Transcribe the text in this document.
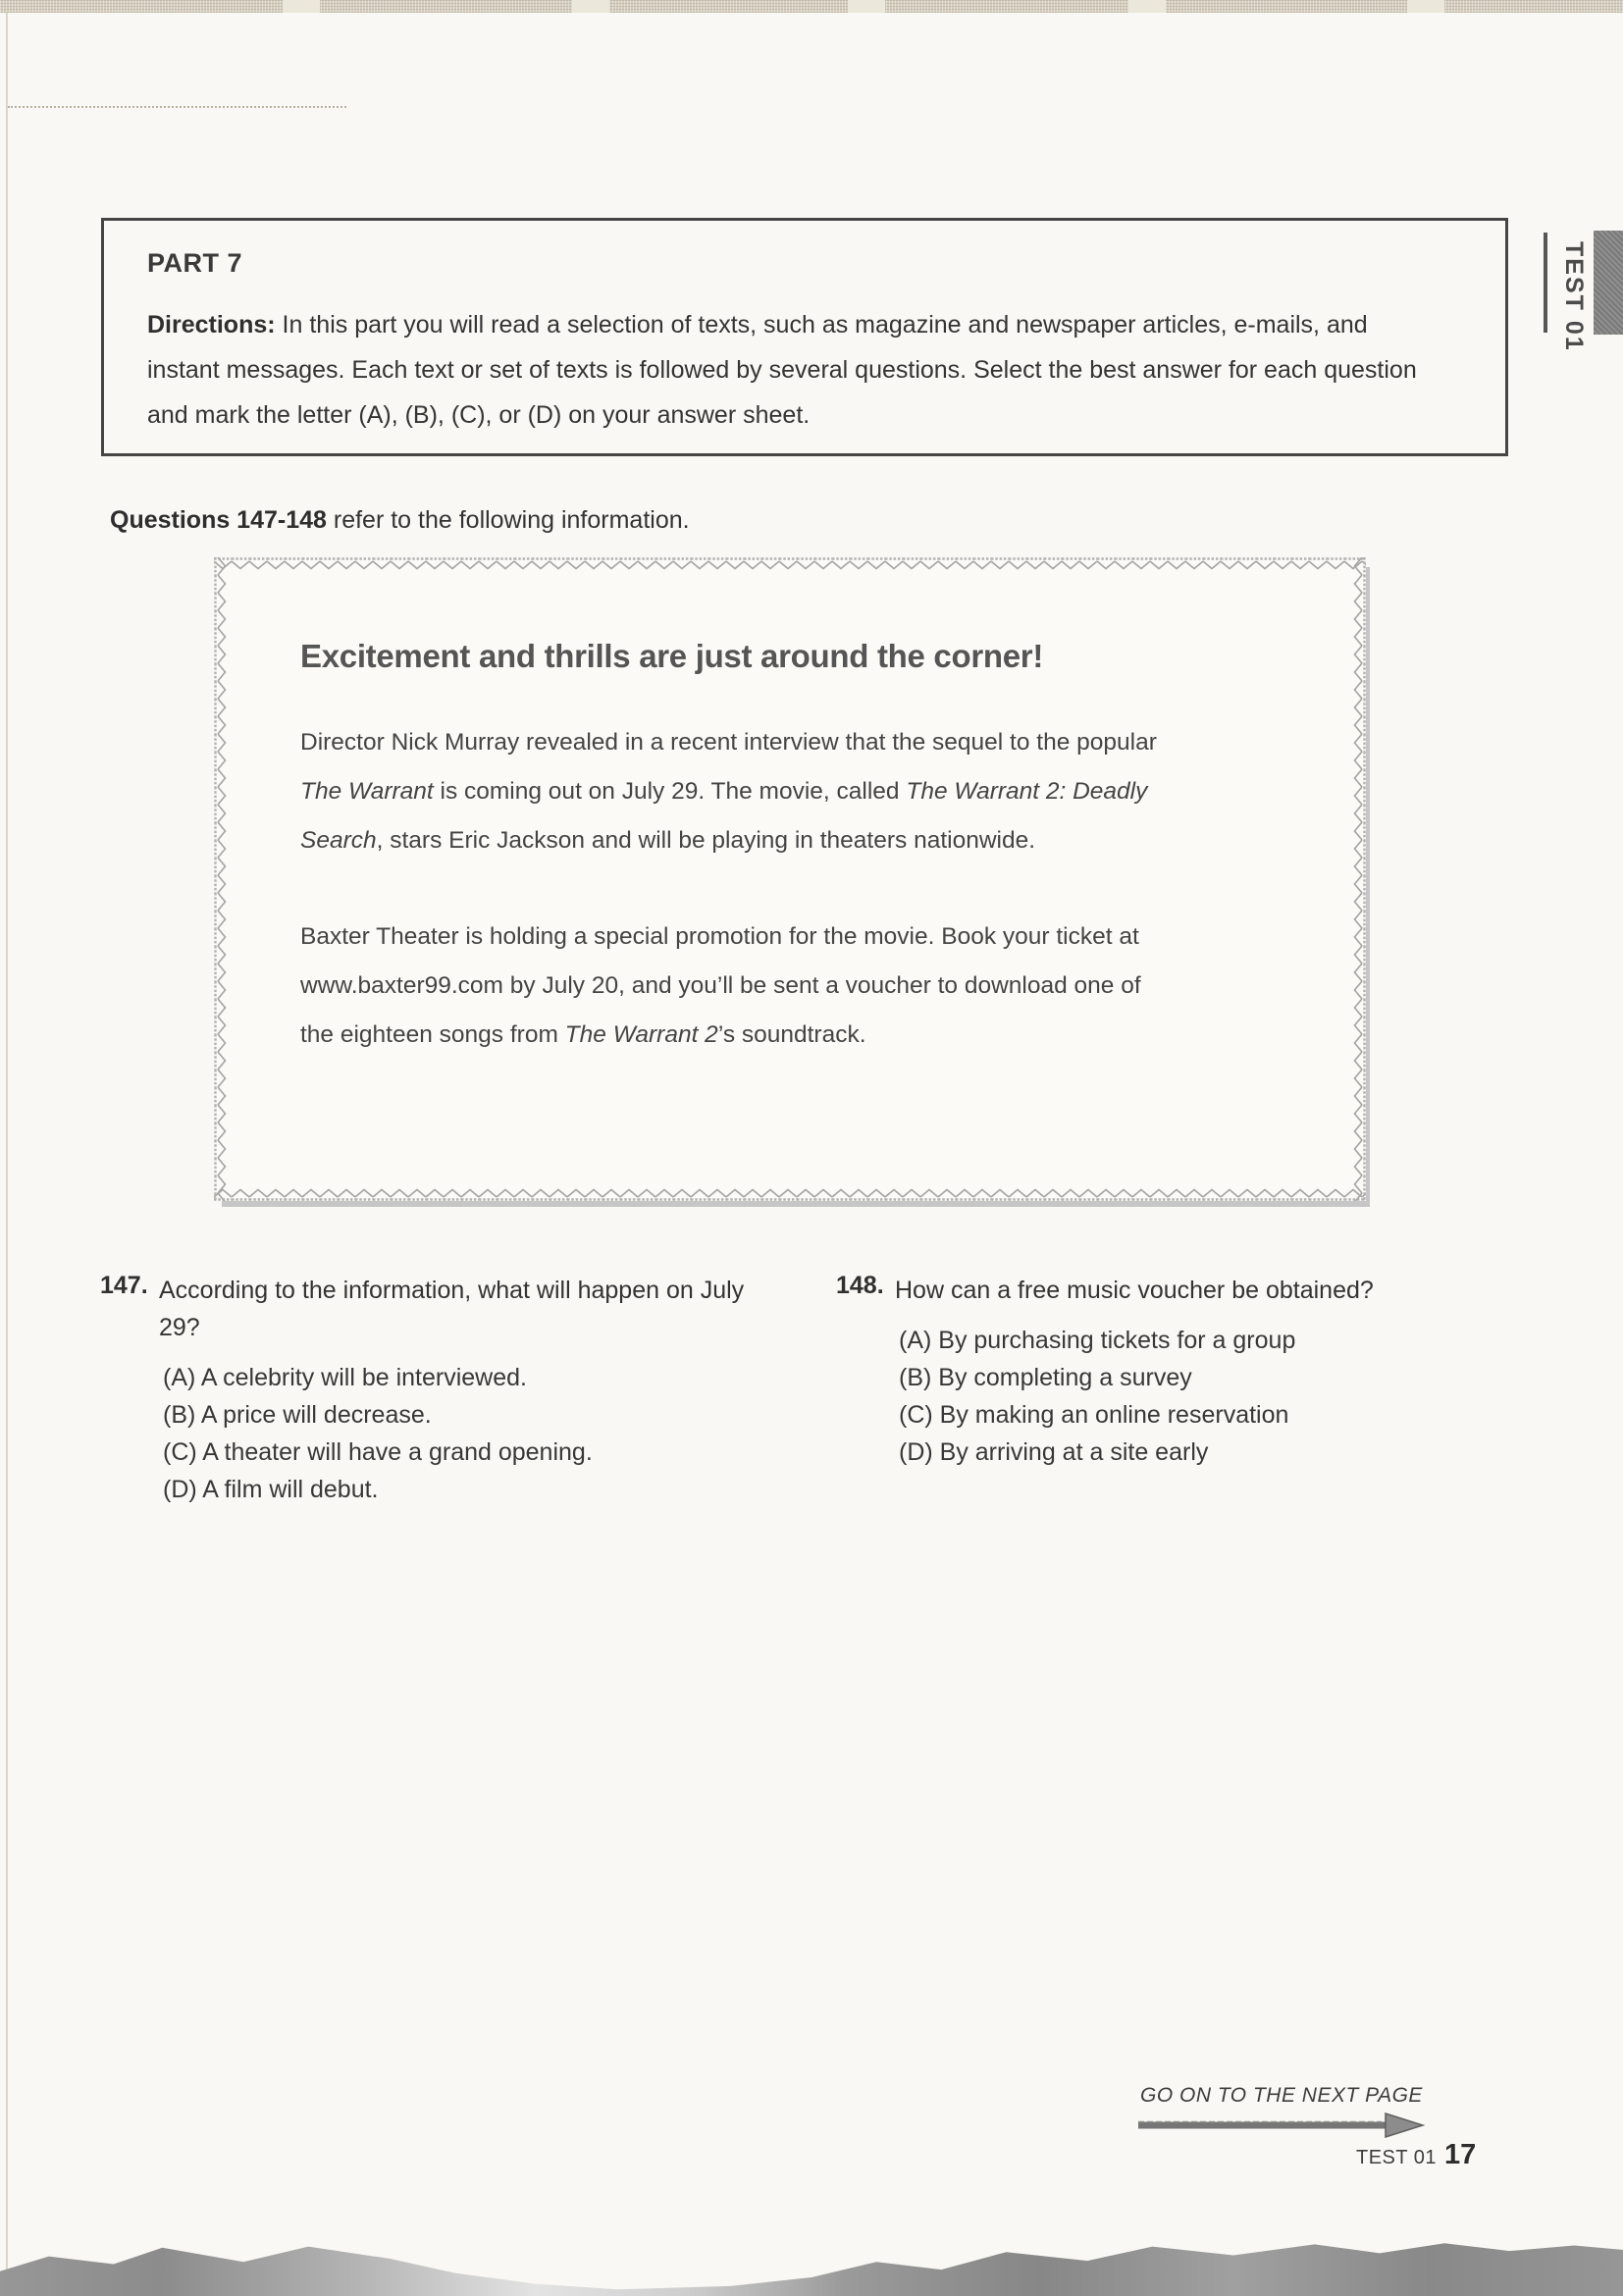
PART 7
Directions: In this part you will read a selection of texts, such as magazine and newspaper articles, e-mails, and instant messages. Each text or set of texts is followed by several questions. Select the best answer for each question and mark the letter (A), (B), (C), or (D) on your answer sheet.
TEST 01
Questions 147-148 refer to the following information.
Excitement and thrills are just around the corner!
Director Nick Murray revealed in a recent interview that the sequel to the popular The Warrant is coming out on July 29. The movie, called The Warrant 2: Deadly Search, stars Eric Jackson and will be playing in theaters nationwide.
Baxter Theater is holding a special promotion for the movie. Book your ticket at www.baxter99.com by July 20, and you’ll be sent a voucher to download one of the eighteen songs from The Warrant 2’s soundtrack.
147. According to the information, what will happen on July 29?
(A) A celebrity will be interviewed.
(B) A price will decrease.
(C) A theater will have a grand opening.
(D) A film will debut.
148. How can a free music voucher be obtained?
(A) By purchasing tickets for a group
(B) By completing a survey
(C) By making an online reservation
(D) By arriving at a site early
GO ON TO THE NEXT PAGE
TEST 01 17
